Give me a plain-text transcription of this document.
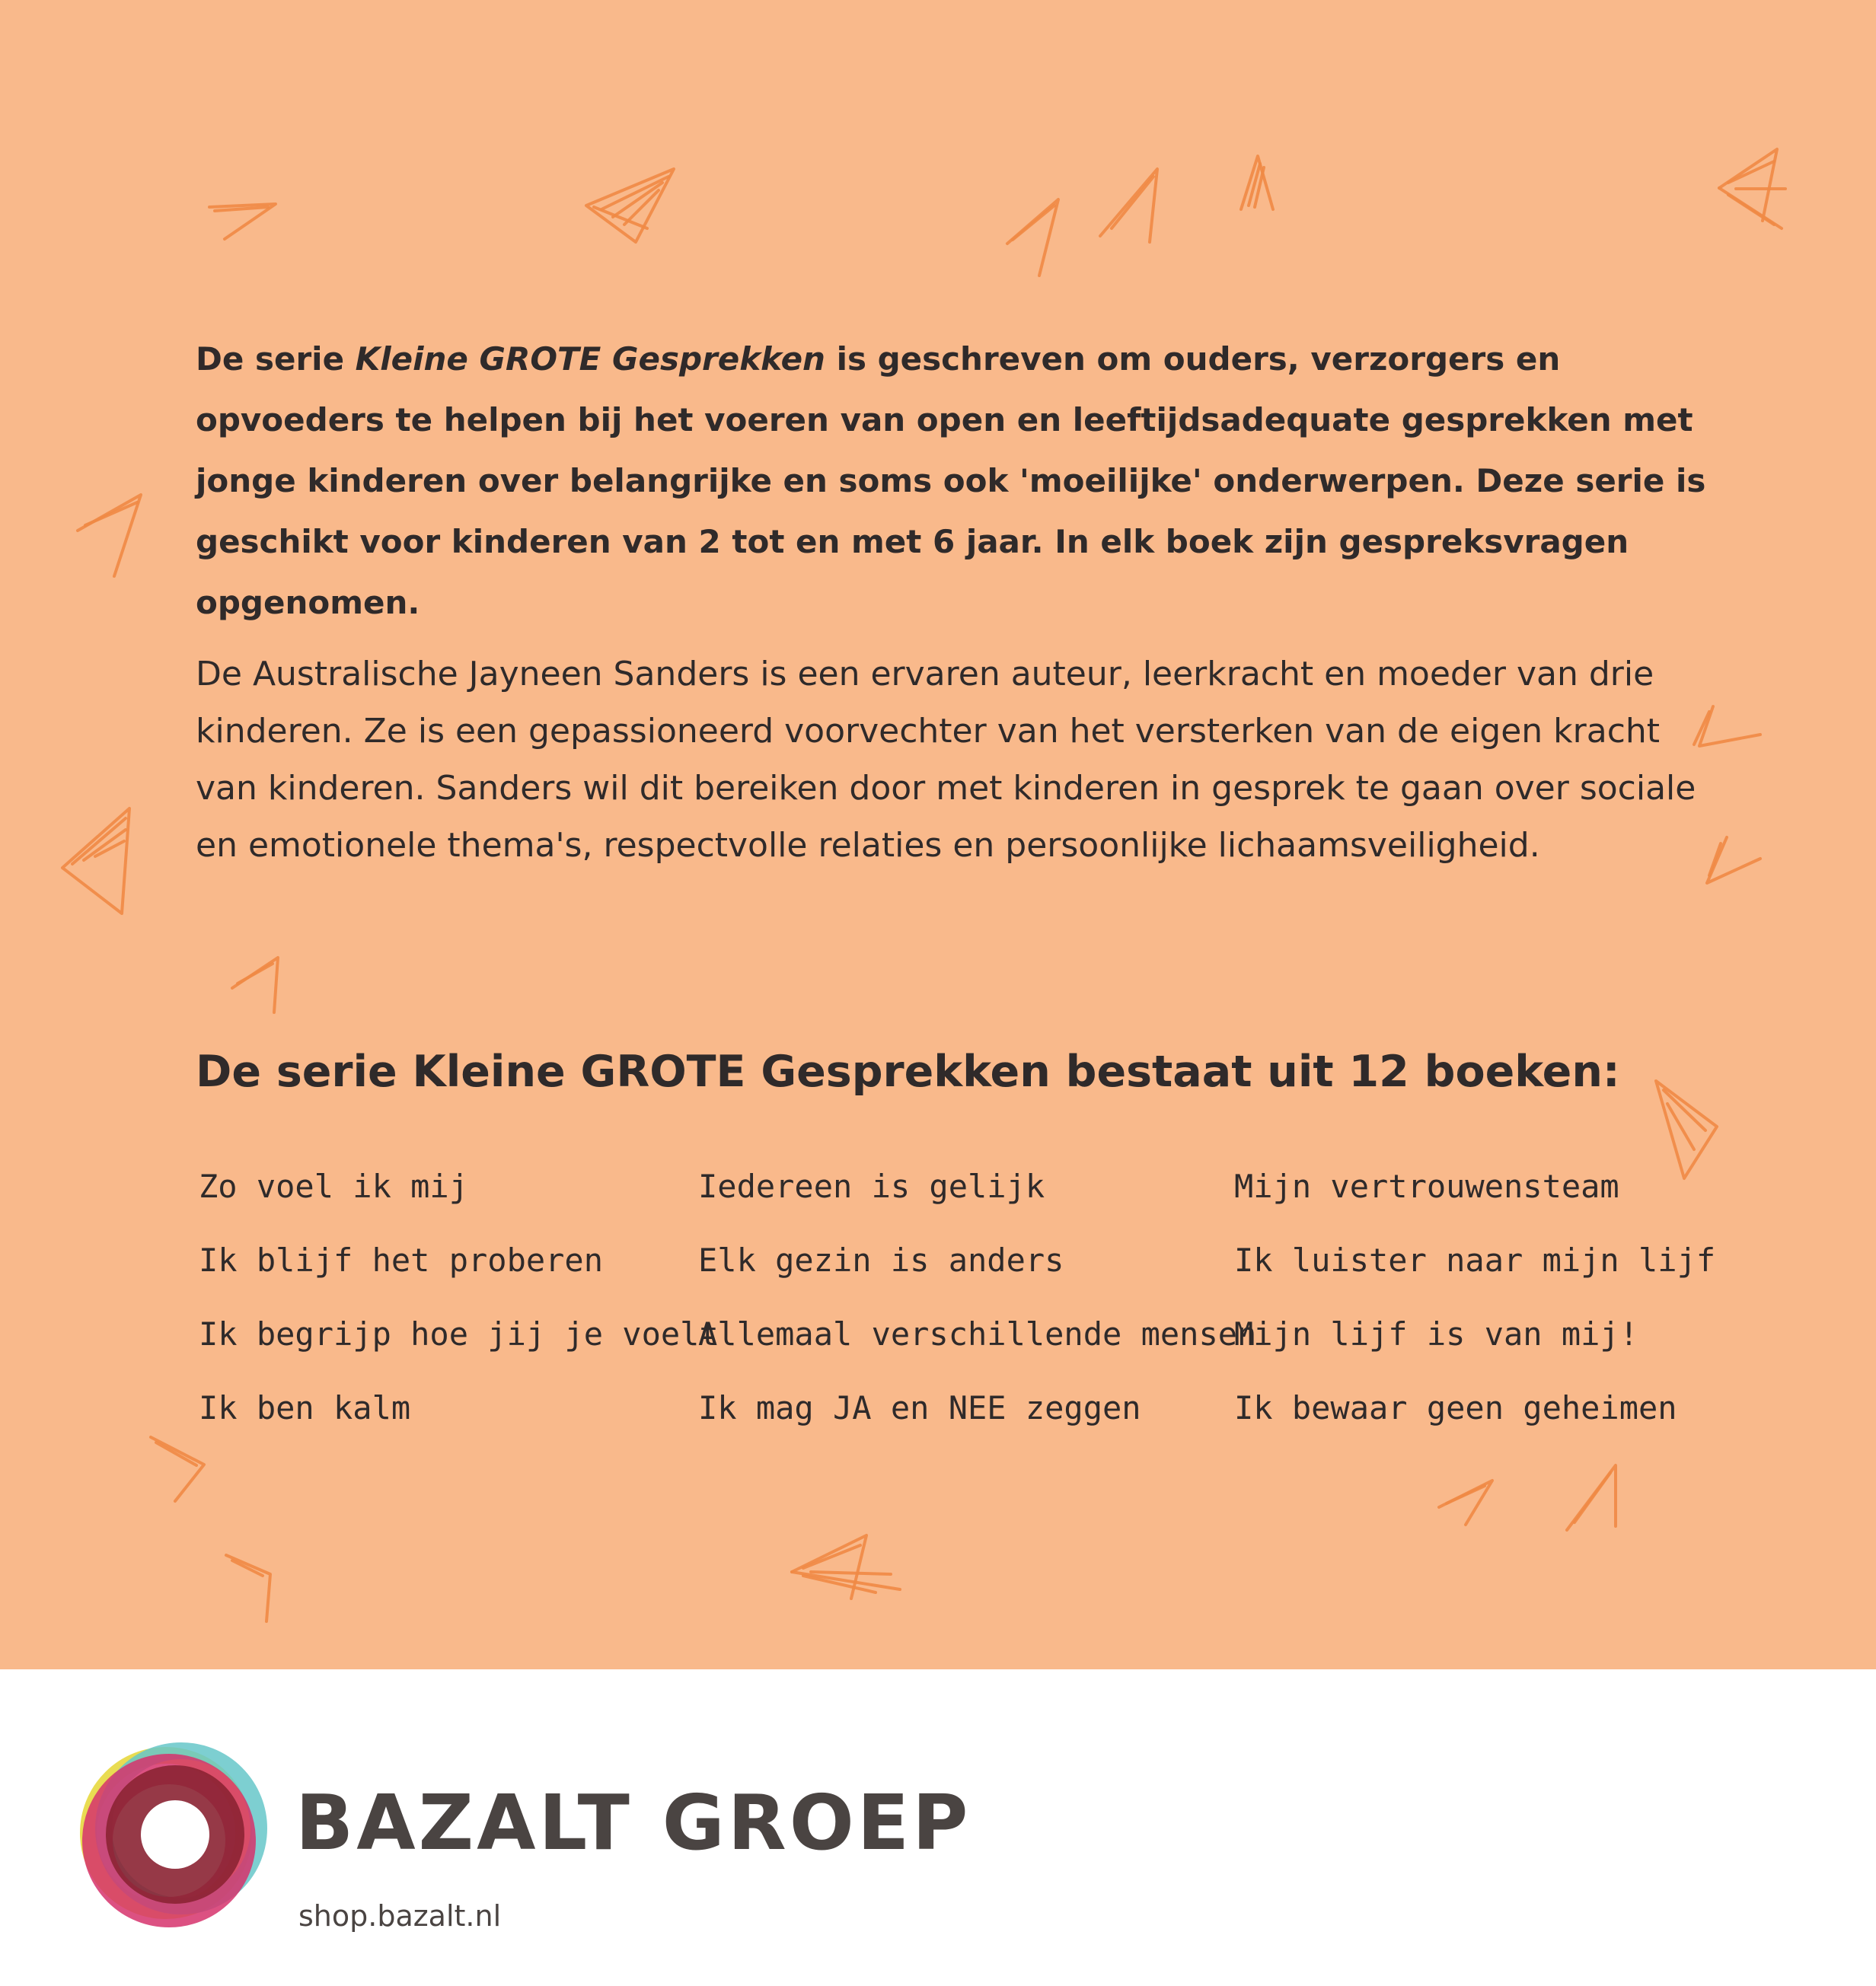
De serie Kleine GROTE Gesprekken is geschreven om ouders, verzorgers en opvoeders te helpen bij het voeren van open en leeftijdsadequate gesprekken met jonge kinderen over belangrijke en soms ook 'moeilijke' onderwerpen. Deze serie is geschikt voor kinderen van 2 tot en met 6 jaar. In elk boek zijn gespreksvragen opgenomen.

De Australische Jayneen Sanders is een ervaren auteur, leerkracht en moeder van drie kinderen. Ze is een gepassioneerd voorvechter van het versterken van de eigen kracht van kinderen. Sanders wil dit bereiken door met kinderen in gesprek te gaan over sociale en emotionele thema's, respectvolle relaties en persoonlijke lichaamsveiligheid.

De serie Kleine GROTE Gesprekken bestaat uit 12 boeken:
Zo voel ik mij
Ik blijf het proberen
Ik begrijp hoe jij je voelt
Ik ben kalm
Iedereen is gelijk
Elk gezin is anders
Allemaal verschillende mensen
Ik mag JA en NEE zeggen
Mijn vertrouwensteam
Ik luister naar mijn lijf
Mijn lijf is van mij!
Ik bewaar geen geheimen
BAZALT GROEP
shop.bazalt.nl
